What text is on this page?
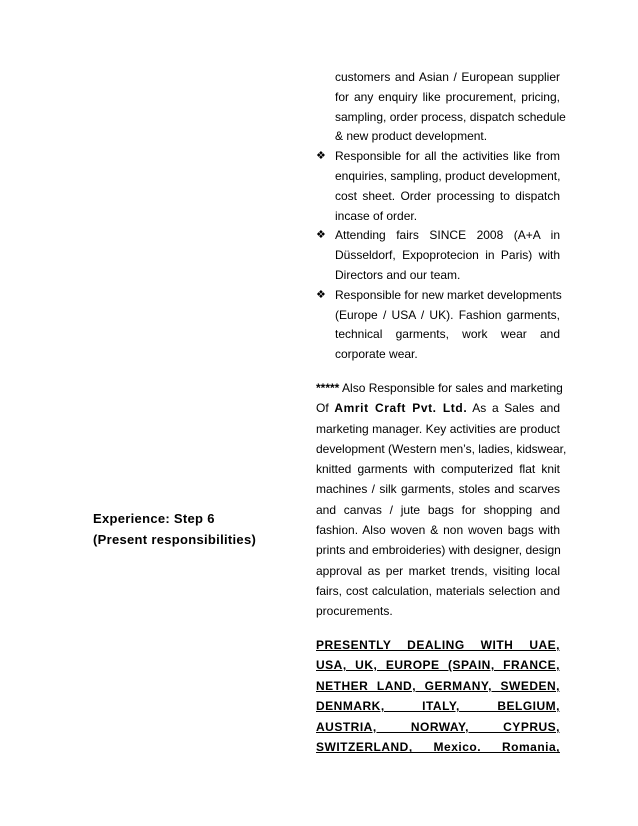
Experience: Step 6
(Present responsibilities)
customers and Asian / European supplier
for any enquiry like procurement, pricing,
sampling, order process, dispatch schedule
& new product development.
❖ Responsible for all the activities like from
enquiries, sampling, product development,
cost sheet. Order processing to dispatch
incase of order.
❖ Attending fairs SINCE 2008 (A+A in
Düsseldorf, Expoprotecion in Paris) with
Directors and our team.
❖ Responsible for new market developments
(Europe / USA / UK). Fashion garments,
technical garments, work wear and
corporate wear.
***** Also Responsible for sales and marketing
Of Amrit Craft Pvt. Ltd. As a Sales and
marketing manager. Key activities are product
development (Western men’s, ladies, kidswear,
knitted garments with computerized flat knit
machines / silk garments, stoles and scarves
and canvas / jute bags for shopping and
fashion. Also woven & non woven bags with
prints and embroideries) with designer, design
approval as per market trends, visiting local
fairs, cost calculation, materials selection and
procurements.
PRESENTLY DEALING WITH UAE,
USA, UK, EUROPE (SPAIN, FRANCE,
NETHER LAND, GERMANY, SWEDEN,
DENMARK, ITALY, BELGIUM,
AUSTRIA, NORWAY, CYPRUS,
SWITZERLAND, Mexico. Romania,
